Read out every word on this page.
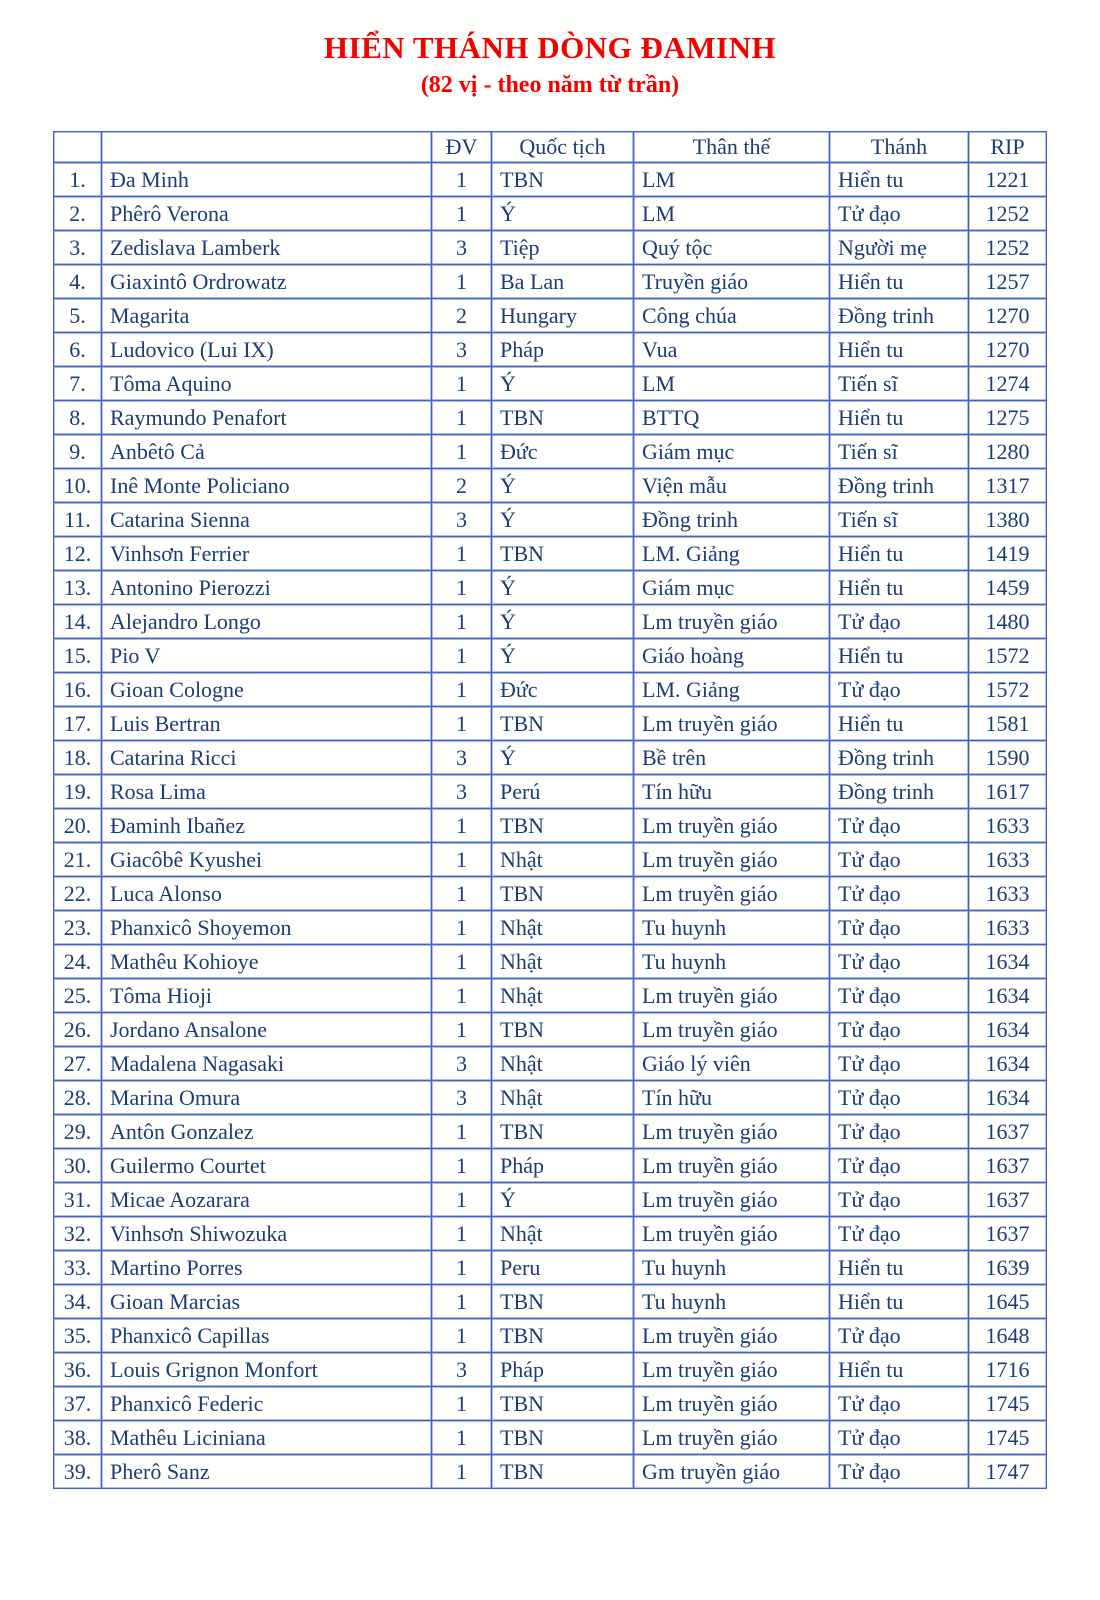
HIỂN THÁNH DÒNG ĐAMINH
(82 vị - theo năm từ trần)
		ĐV	Quốc tịch	Thân thế	Thánh	RIP
1.	Đa Minh	1	TBN	LM	Hiển tu	1221
2.	Phêrô Verona	1	Ý	LM	Tử đạo	1252
3.	Zedislava Lamberk	3	Tiệp	Quý tộc	Người mẹ	1252
4.	Giaxintô Ordrowatz	1	Ba Lan	Truyền giáo	Hiển tu	1257
5.	Magarita	2	Hungary	Công chúa	Đồng trinh	1270
6.	Ludovico (Lui IX)	3	Pháp	Vua	Hiển tu	1270
7.	Tôma Aquino	1	Ý	LM	Tiến sĩ	1274
8.	Raymundo Penafort	1	TBN	BTTQ	Hiển tu	1275
9.	Anbêtô Cả	1	Đức	Giám mục	Tiến sĩ	1280
10.	Inê Monte Policiano	2	Ý	Viện mẫu	Đồng trinh	1317
11.	Catarina Sienna	3	Ý	Đồng trinh	Tiến sĩ	1380
12.	Vinhsơn Ferrier	1	TBN	LM. Giảng	Hiển tu	1419
13.	Antonino Pierozzi	1	Ý	Giám mục	Hiển tu	1459
14.	Alejandro Longo	1	Ý	Lm truyền giáo	Tử đạo	1480
15.	Pio V	1	Ý	Giáo hoàng	Hiển tu	1572
16.	Gioan Cologne	1	Đức	LM. Giảng	Tử đạo	1572
17.	Luis Bertran	1	TBN	Lm truyền giáo	Hiển tu	1581
18.	Catarina Ricci	3	Ý	Bề trên	Đồng trinh	1590
19.	Rosa Lima	3	Perú	Tín hữu	Đồng trinh	1617
20.	Đaminh Ibañez	1	TBN	Lm truyền giáo	Tử đạo	1633
21.	Giacôbê Kyushei	1	Nhật	Lm truyền giáo	Tử đạo	1633
22.	Luca Alonso	1	TBN	Lm truyền giáo	Tử đạo	1633
23.	Phanxicô Shoyemon	1	Nhật	Tu huynh	Tử đạo	1633
24.	Mathêu Kohioye	1	Nhật	Tu huynh	Tử đạo	1634
25.	Tôma Hioji	1	Nhật	Lm truyền giáo	Tử đạo	1634
26.	Jordano Ansalone	1	TBN	Lm truyền giáo	Tử đạo	1634
27.	Madalena Nagasaki	3	Nhật	Giáo lý viên	Tử đạo	1634
28.	Marina Omura	3	Nhật	Tín hữu	Tử đạo	1634
29.	Antôn Gonzalez	1	TBN	Lm truyền giáo	Tử đạo	1637
30.	Guilermo Courtet	1	Pháp	Lm truyền giáo	Tử đạo	1637
31.	Micae Aozarara	1	Ý	Lm truyền giáo	Tử đạo	1637
32.	Vinhsơn Shiwozuka	1	Nhật	Lm truyền giáo	Tử đạo	1637
33.	Martino Porres	1	Peru	Tu huynh	Hiển tu	1639
34.	Gioan Marcias	1	TBN	Tu huynh	Hiển tu	1645
35.	Phanxicô Capillas	1	TBN	Lm truyền giáo	Tử đạo	1648
36.	Louis Grignon Monfort	3	Pháp	Lm truyền giáo	Hiển tu	1716
37.	Phanxicô Federic	1	TBN	Lm truyền giáo	Tử đạo	1745
38.	Mathêu Liciniana	1	TBN	Lm truyền giáo	Tử đạo	1745
39.	Pherô Sanz	1	TBN	Gm truyền giáo	Tử đạo	1747
